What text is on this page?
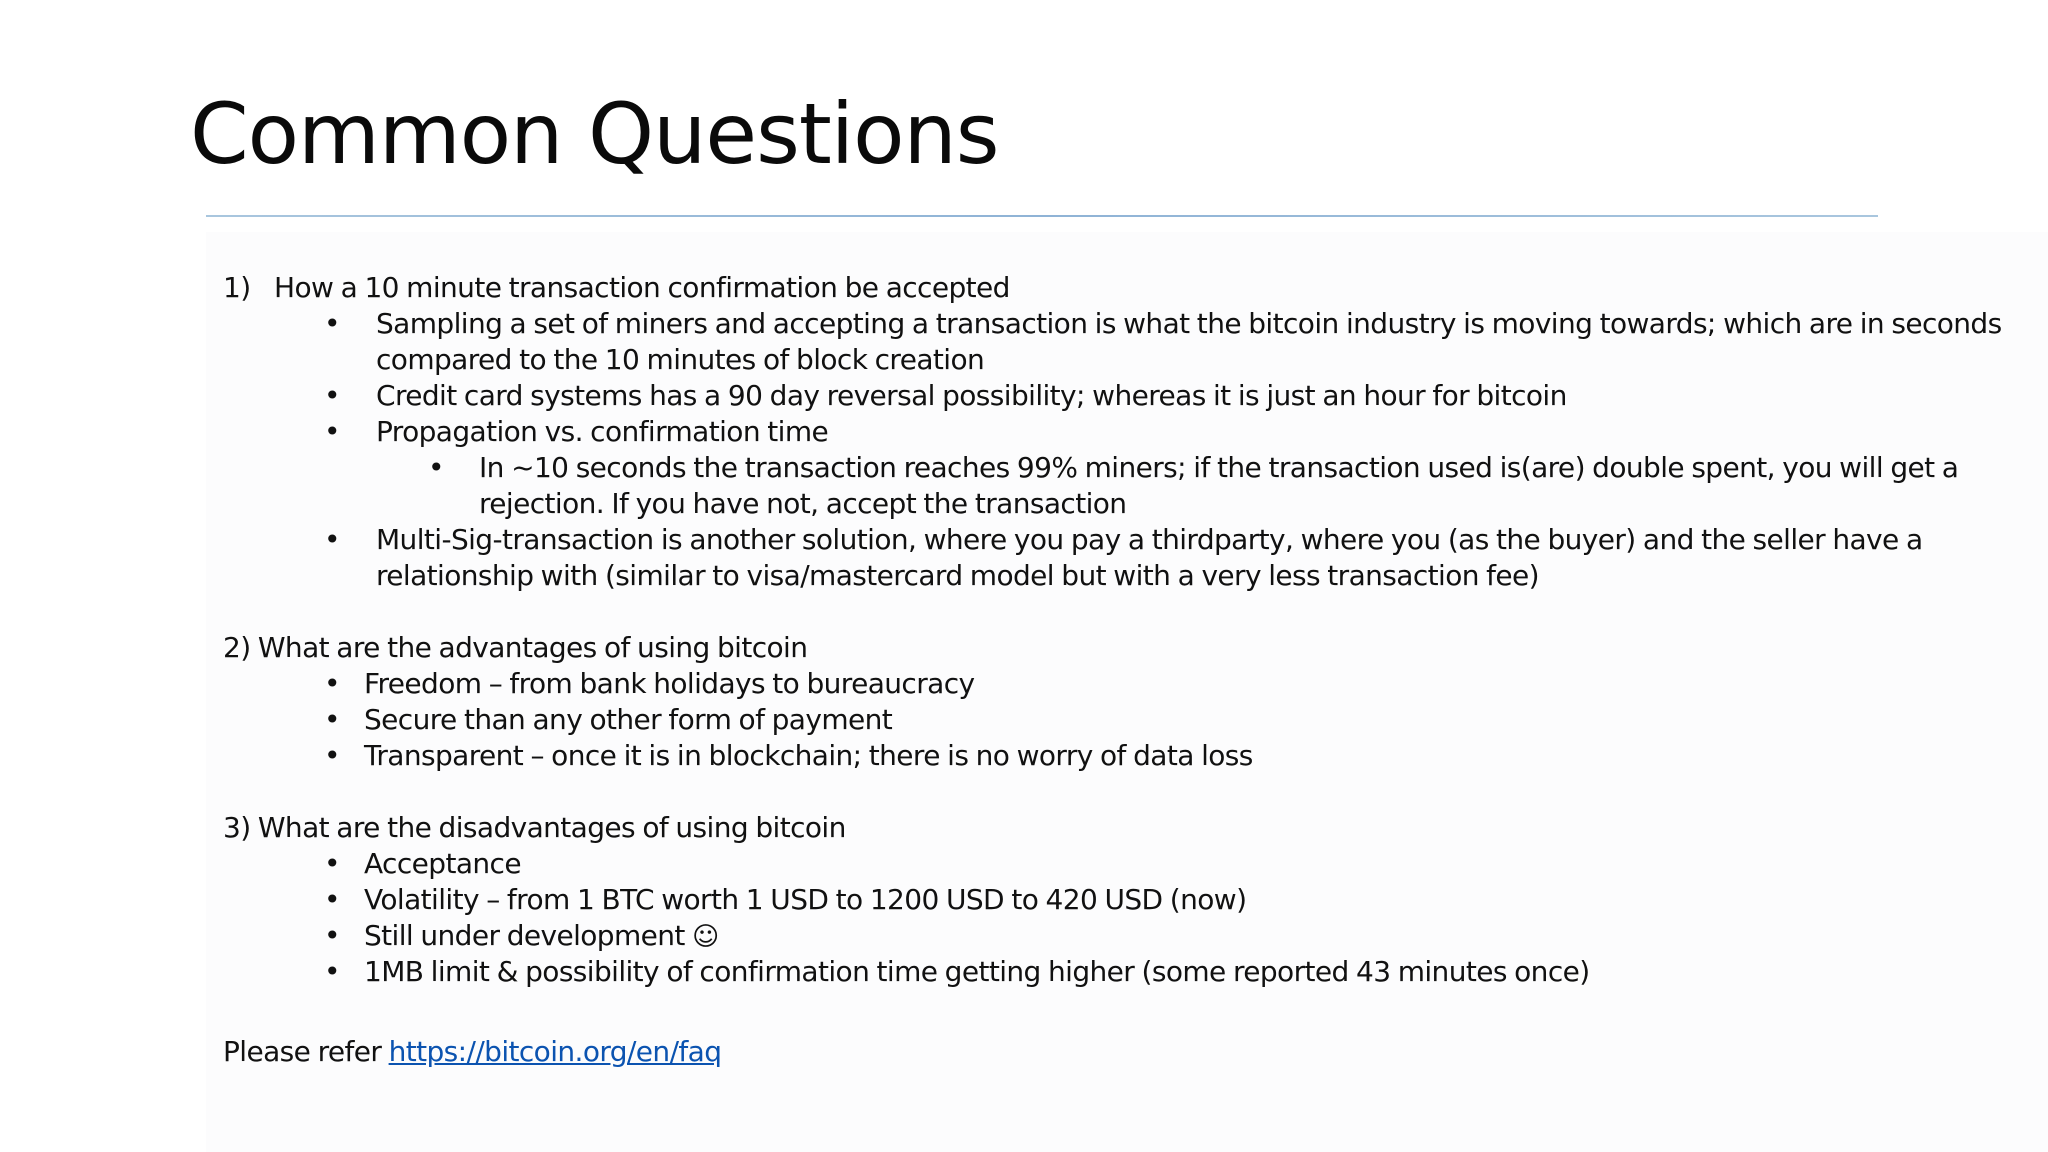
Common Questions
1) How a 10 minute transaction confirmation be accepted
• Sampling a set of miners and accepting a transaction is what the bitcoin industry is moving towards; which are in seconds
compared to the 10 minutes of block creation
• Credit card systems has a 90 day reversal possibility; whereas it is just an hour for bitcoin
• Propagation vs. confirmation time
• In ~10 seconds the transaction reaches 99% miners; if the transaction used is(are) double spent, you will get a
rejection. If you have not, accept the transaction
• Multi-Sig-transaction is another solution, where you pay a thirdparty, where you (as the buyer) and the seller have a
relationship with (similar to visa/mastercard model but with a very less transaction fee)
2) What are the advantages of using bitcoin
• Freedom – from bank holidays to bureaucracy
• Secure than any other form of payment
• Transparent – once it is in blockchain; there is no worry of data loss
3) What are the disadvantages of using bitcoin
• Acceptance
• Volatility – from 1 BTC worth 1 USD to 1200 USD to 420 USD (now)
• Still under development ☺
• 1MB limit & possibility of confirmation time getting higher (some reported 43 minutes once)
Please refer https://bitcoin.org/en/faq
